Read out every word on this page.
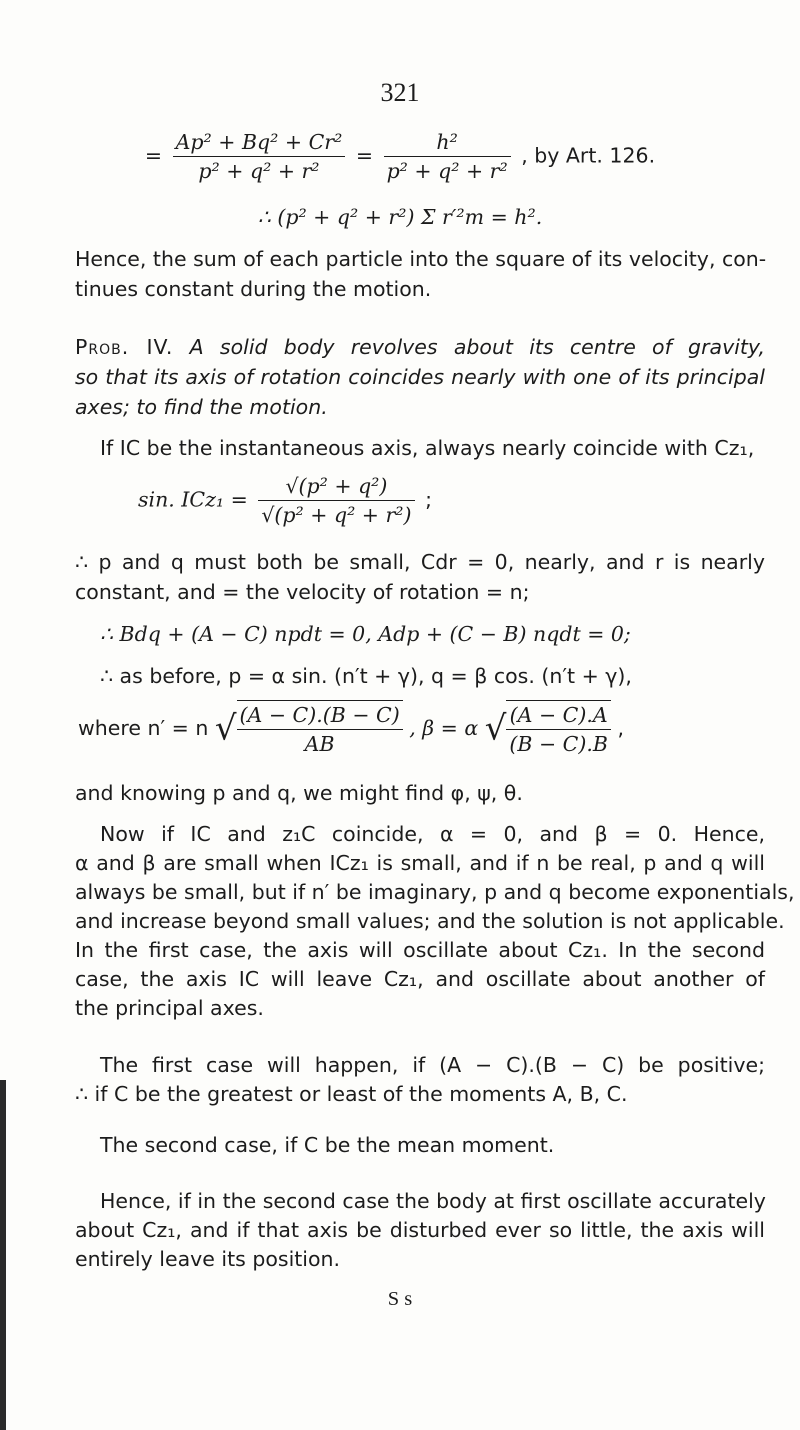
321
= $\frac{\text{Ap² + Bq² + Cr²}}{\text{p² + q² + r²}} = \frac{\text{h²}}{\text{p² + q² + r²}}$ , by Art. 126.
∴ (p² + q² + r²) Σ r′²m = h².
Hence, the sum of each particle into the square of its velocity, con-
tinues constant during the motion.
Prob. IV. A solid body revolves about its centre of gravity,
so that its axis of rotation coincides nearly with one of its principal
axes; to find the motion.
If IC be the instantaneous axis, always nearly coincide with Cz₁,
sin. $ICz_1 = \frac{\text{√(p² + q²)}}{\text{√(p² + q² + r²)}}$ ;
∴ p and q must both be small, Cdr = 0, nearly, and r is nearly
constant, and = the velocity of rotation = n;
∴ Bdq + (A − C) npdt = 0, Adp + (C − B) nqdt = 0;
∴ as before, p = α sin. (n′t + γ), q = β cos. (n′t + γ),
where n′ = n √ $\frac{(A - C).(B - C)}{AB}$ , β = α √ $\frac{(A - C).A}{(B - C).B}$ ,
and knowing p and q, we might find φ, ψ, θ.
Now if IC and z₁C coincide, α = 0, and β = 0. Hence,
α and β are small when ICz₁ is small, and if n be real, p and q will
always be small, but if n′ be imaginary, p and q become exponentials,
and increase beyond small values; and the solution is not applicable.
In the first case, the axis will oscillate about Cz₁. In the second
case, the axis IC will leave Cz₁, and oscillate about another of
the principal axes.
The first case will happen, if (A − C).(B − C) be positive;
∴ if C be the greatest or least of the moments A, B, C.
The second case, if C be the mean moment.
Hence, if in the second case the body at first oscillate accurately
about Cz₁, and if that axis be disturbed ever so little, the axis will
entirely leave its position.
S s
